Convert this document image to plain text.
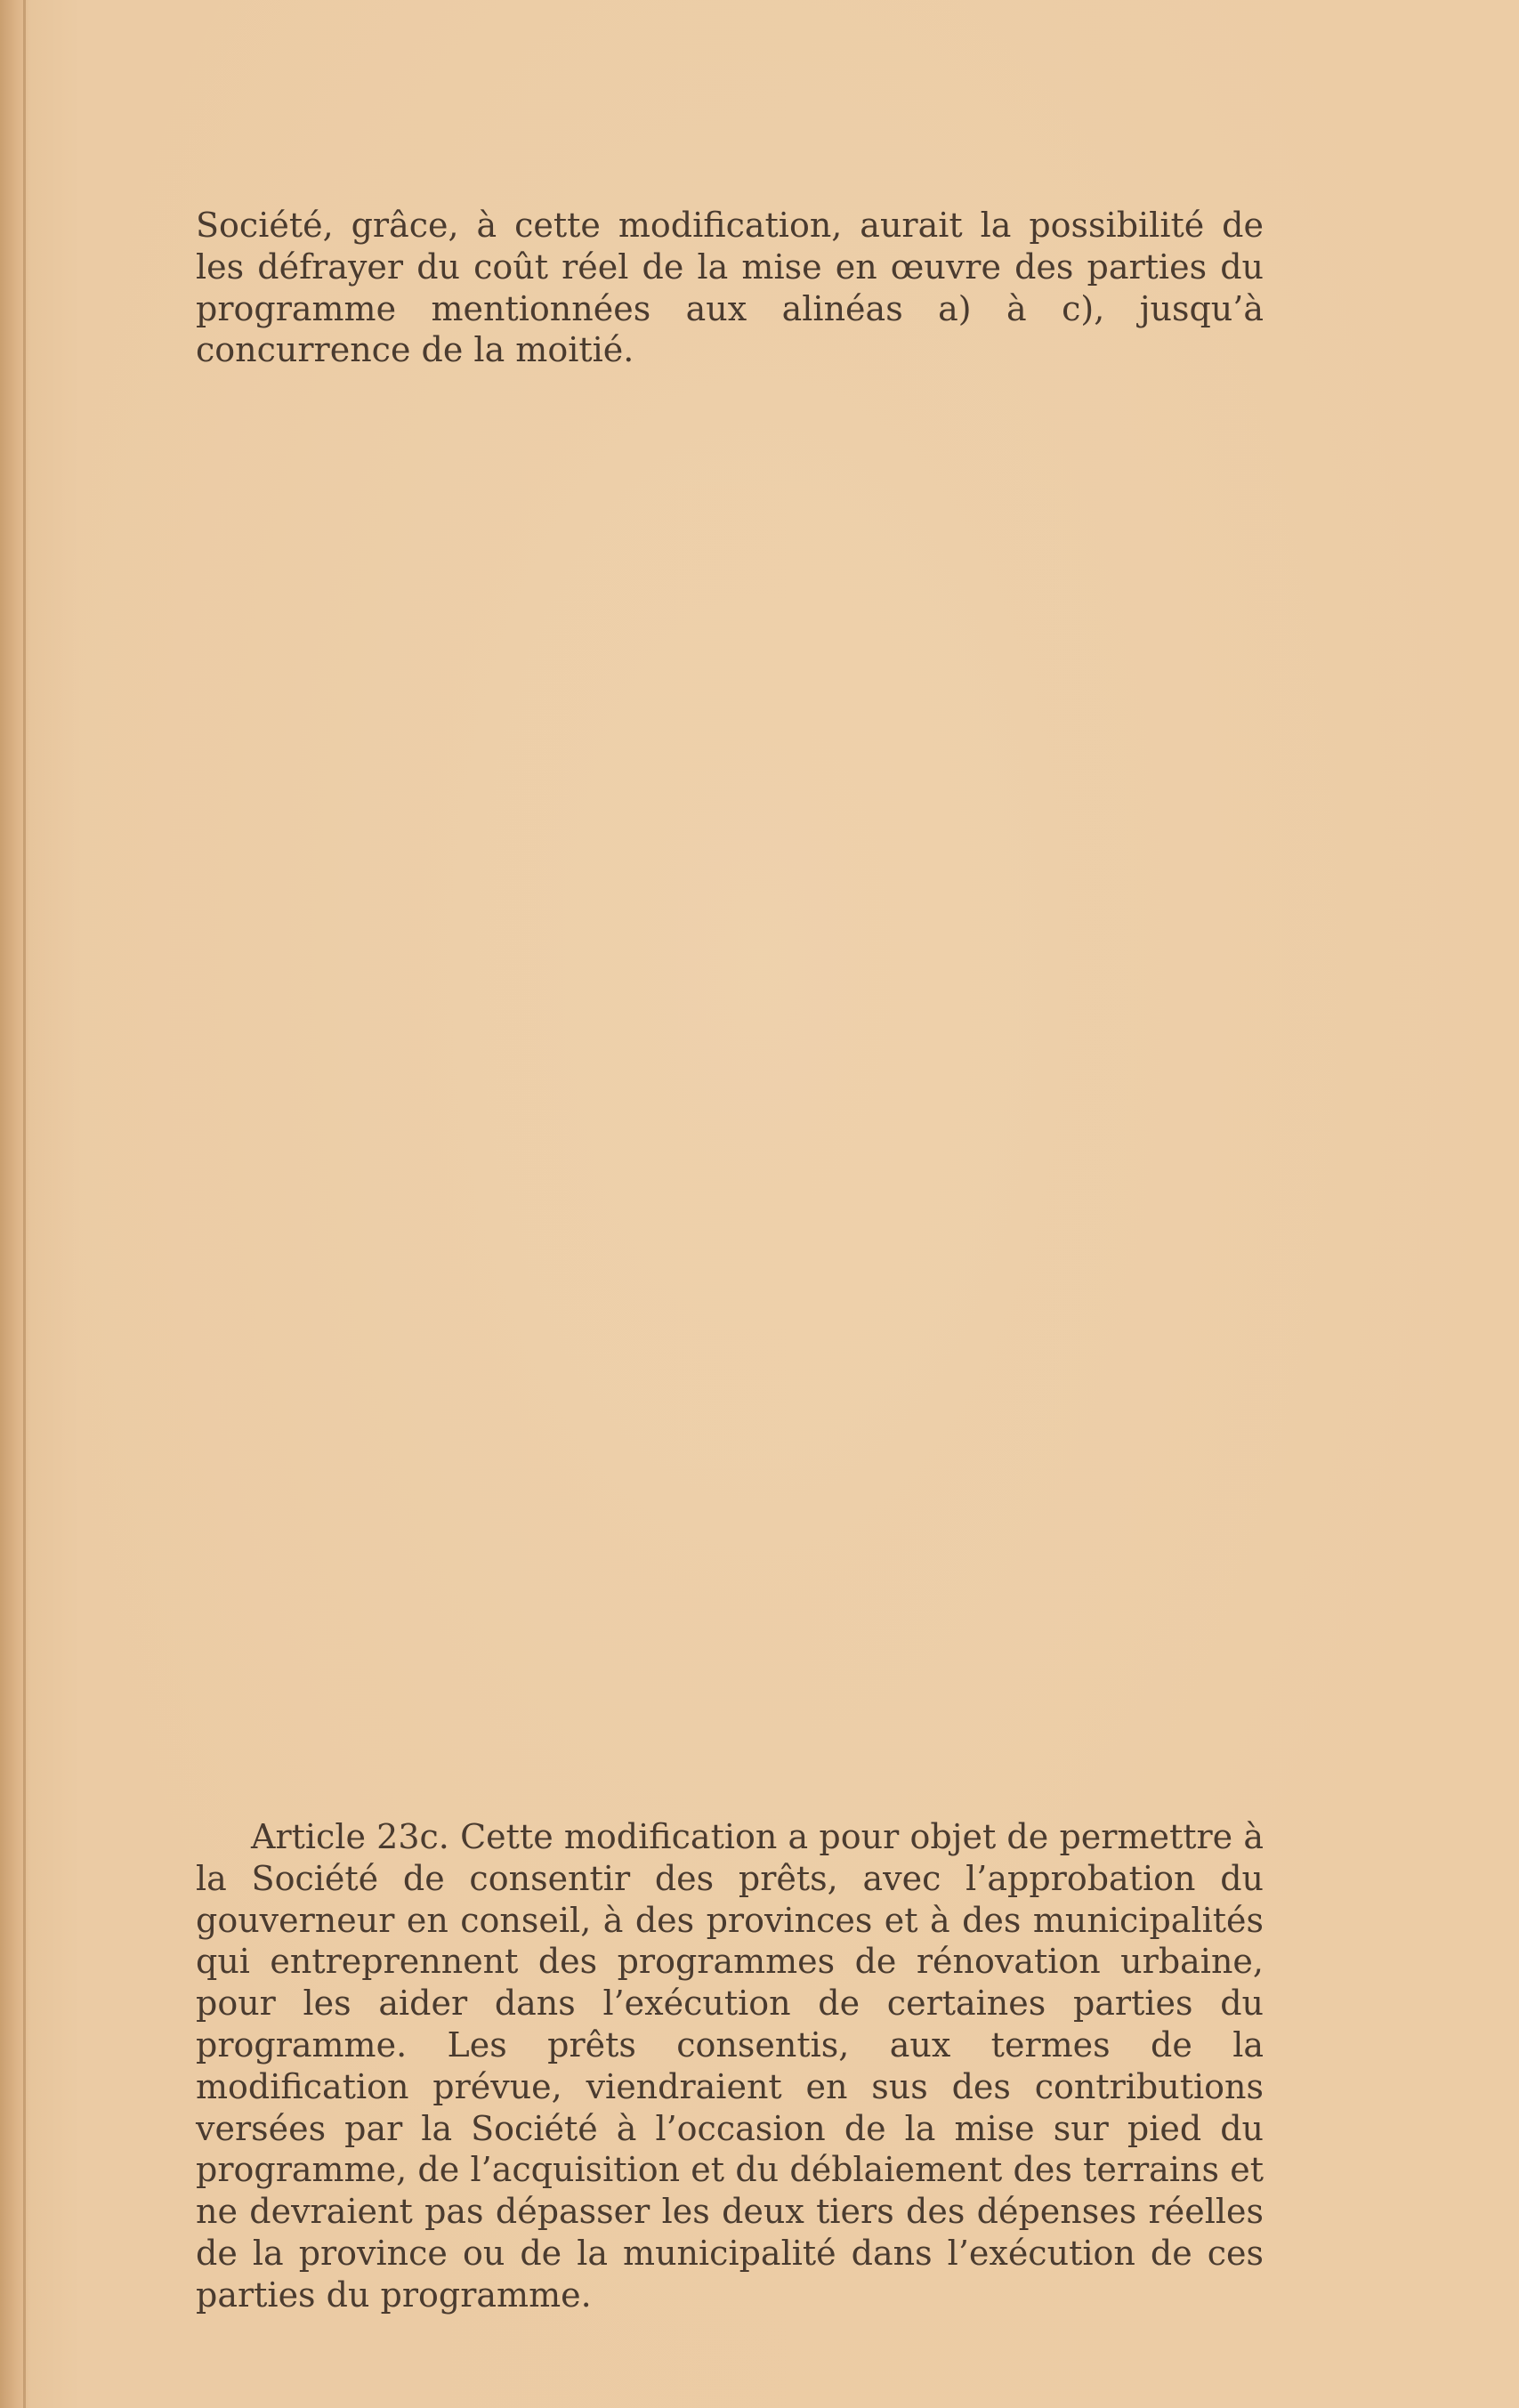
Société, grâce, à cette modification, aurait la possibilité de les défrayer du coût réel de la mise en œuvre des parties du programme mentionnées aux alinéas a) à c), jusqu’à concurrence de la moitié.

Article 23c. Cette modification a pour objet de permettre à la Société de consentir des prêts, avec l’approbation du gouverneur en conseil, à des provinces et à des municipalités qui entreprennent des programmes de rénovation urbaine, pour les aider dans l’exécution de certaines parties du programme. Les prêts consentis, aux termes de la modification prévue, viendraient en sus des contributions versées par la Société à l’occasion de la mise sur pied du programme, de l’acquisition et du déblaiement des terrains et ne devraient pas dépasser les deux tiers des dépenses réelles de la province ou de la municipalité dans l’exécution de ces parties du programme.
